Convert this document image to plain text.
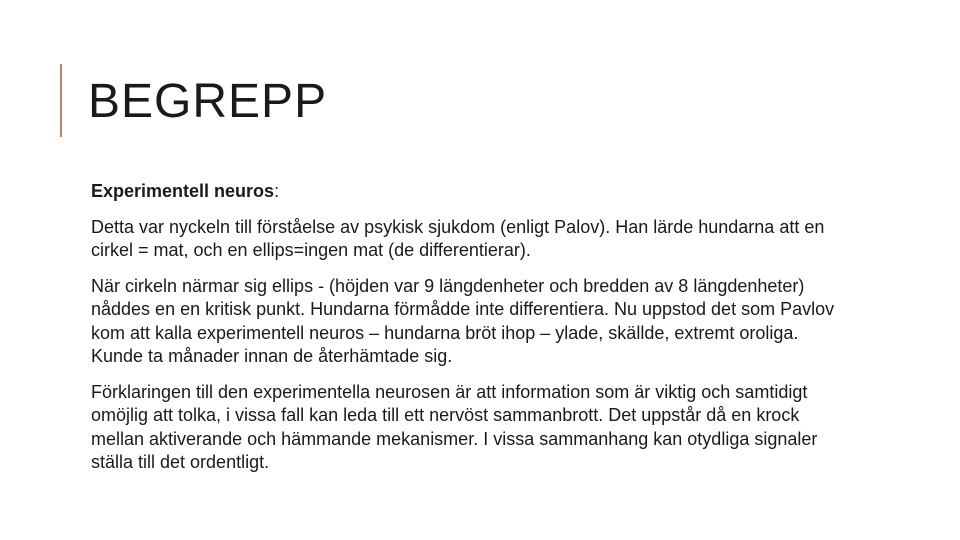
BEGREPP

Experimentell neuros:

Detta var nyckeln till förståelse av psykisk sjukdom (enligt Palov). Han lärde hundarna att en cirkel = mat, och en ellips=ingen mat (de differentierar).

När cirkeln närmar sig ellips - (höjden var 9 längdenheter och bredden av 8 längdenheter) nåddes en en kritisk punkt. Hundarna förmådde inte differentiera. Nu uppstod det som Pavlov kom att kalla experimentell neuros – hundarna bröt ihop – ylade, skällde, extremt oroliga. Kunde ta månader innan de återhämtade sig.

Förklaringen till den experimentella neurosen är att information som är viktig och samtidigt omöjlig att tolka, i vissa fall kan leda till ett nervöst sammanbrott. Det uppstår då en krock mellan aktiverande och hämmande mekanismer. I vissa sammanhang kan otydliga signaler ställa till det ordentligt.
